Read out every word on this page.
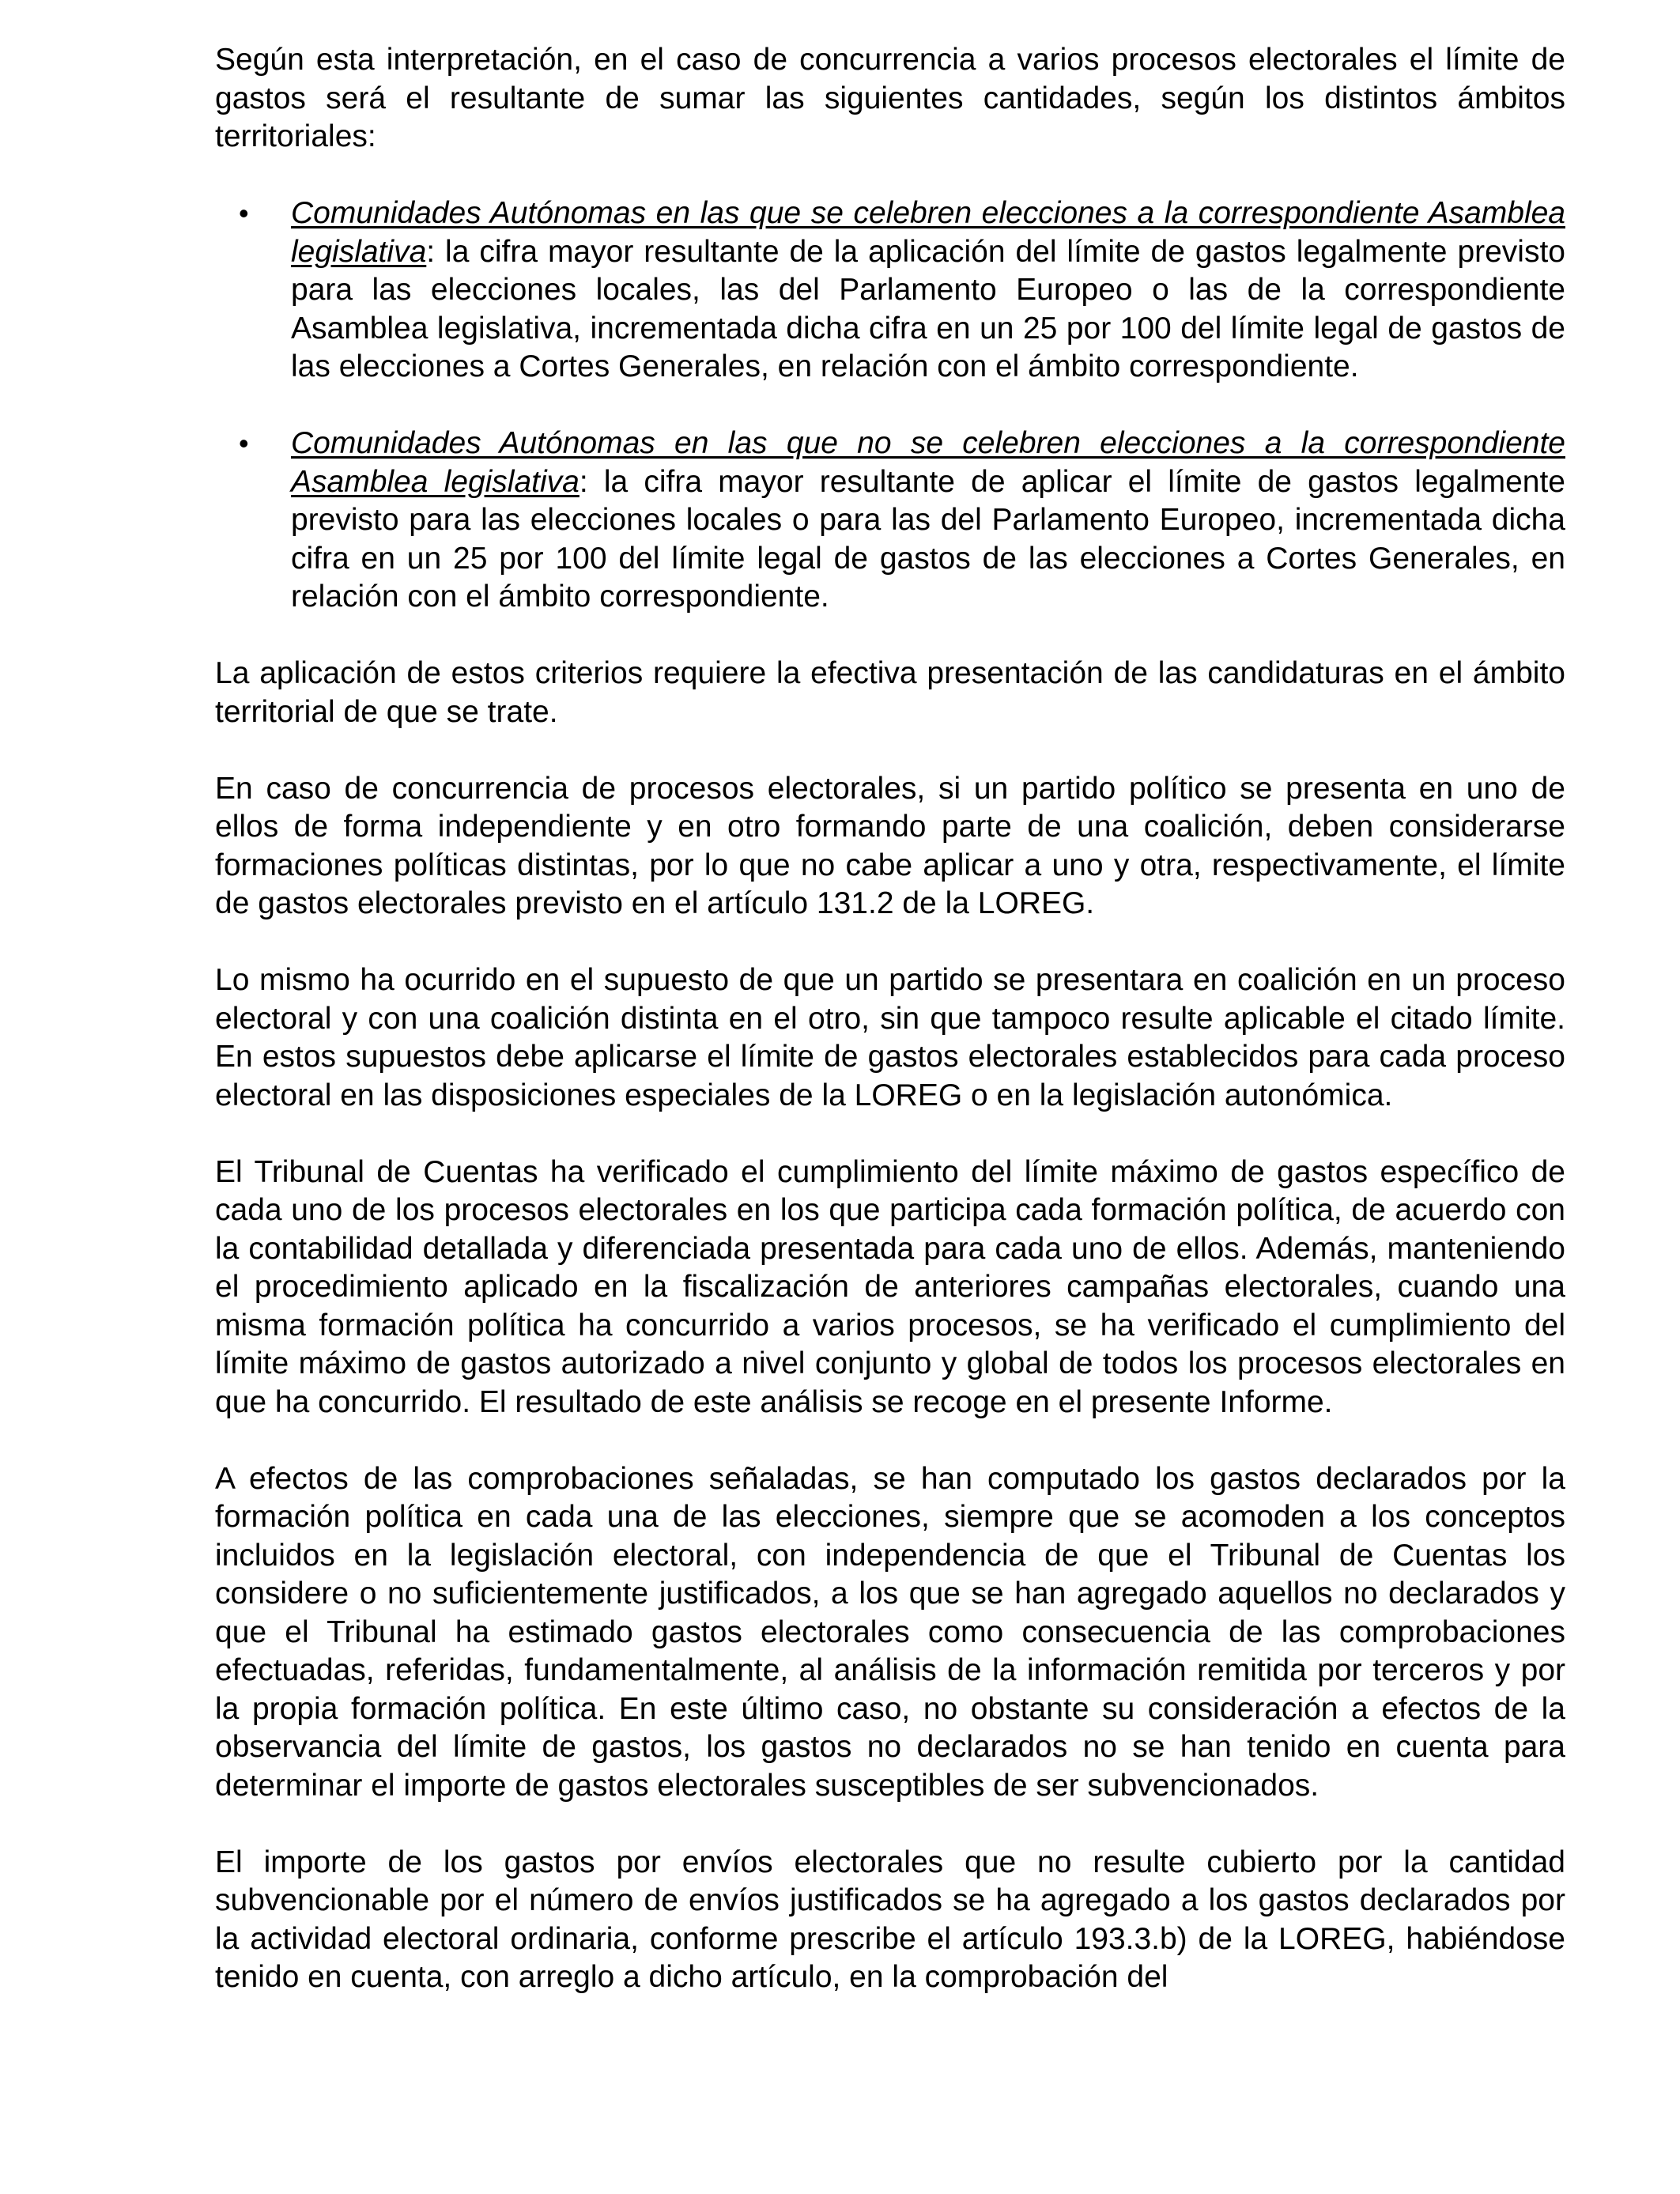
Según esta interpretación, en el caso de concurrencia a varios procesos electorales el límite de gastos será el resultante de sumar las siguientes cantidades, según los distintos ámbitos territoriales:

• Comunidades Autónomas en las que se celebren elecciones a la correspondiente Asamblea legislativa: la cifra mayor resultante de la aplicación del límite de gastos legalmente previsto para las elecciones locales, las del Parlamento Europeo o las de la correspondiente Asamblea legislativa, incrementada dicha cifra en un 25 por 100 del límite legal de gastos de las elecciones a Cortes Generales, en relación con el ámbito correspondiente.
• Comunidades Autónomas en las que no se celebren elecciones a la correspondiente Asamblea legislativa: la cifra mayor resultante de aplicar el límite de gastos legalmente previsto para las elecciones locales o para las del Parlamento Europeo, incrementada dicha cifra en un 25 por 100 del límite legal de gastos de las elecciones a Cortes Generales, en relación con el ámbito correspondiente.

La aplicación de estos criterios requiere la efectiva presentación de las candidaturas en el ámbito territorial de que se trate.

En caso de concurrencia de procesos electorales, si un partido político se presenta en uno de ellos de forma independiente y en otro formando parte de una coalición, deben considerarse formaciones políticas distintas, por lo que no cabe aplicar a uno y otra, respectivamente, el límite de gastos electorales previsto en el artículo 131.2 de la LOREG.

Lo mismo ha ocurrido en el supuesto de que un partido se presentara en coalición en un proceso electoral y con una coalición distinta en el otro, sin que tampoco resulte aplicable el citado límite. En estos supuestos debe aplicarse el límite de gastos electorales establecidos para cada proceso electoral en las disposiciones especiales de la LOREG o en la legislación autonómica.

El Tribunal de Cuentas ha verificado el cumplimiento del límite máximo de gastos específico de cada uno de los procesos electorales en los que participa cada formación política, de acuerdo con la contabilidad detallada y diferenciada presentada para cada uno de ellos. Además, manteniendo el procedimiento aplicado en la fiscalización de anteriores campañas electorales, cuando una misma formación política ha concurrido a varios procesos, se ha verificado el cumplimiento del límite máximo de gastos autorizado a nivel conjunto y global de todos los procesos electorales en que ha concurrido. El resultado de este análisis se recoge en el presente Informe.

A efectos de las comprobaciones señaladas, se han computado los gastos declarados por la formación política en cada una de las elecciones, siempre que se acomoden a los conceptos incluidos en la legislación electoral, con independencia de que el Tribunal de Cuentas los considere o no suficientemente justificados, a los que se han agregado aquellos no declarados y que el Tribunal ha estimado gastos electorales como consecuencia de las comprobaciones efectuadas, referidas, fundamentalmente, al análisis de la información remitida por terceros y por la propia formación política. En este último caso, no obstante su consideración a efectos de la observancia del límite de gastos, los gastos no declarados no se han tenido en cuenta para determinar el importe de gastos electorales susceptibles de ser subvencionados.

El importe de los gastos por envíos electorales que no resulte cubierto por la cantidad subvencionable por el número de envíos justificados se ha agregado a los gastos declarados por la actividad electoral ordinaria, conforme prescribe el artículo 193.3.b) de la LOREG, habiéndose tenido en cuenta, con arreglo a dicho artículo, en la comprobación del
